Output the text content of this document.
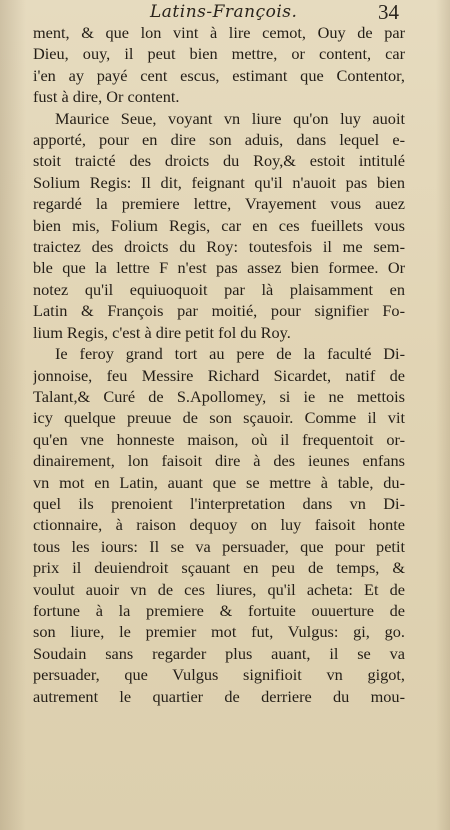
Latins-François.	34
ment, & que lon vint à lire cemot, Ouy de par
Dieu, ouy, il peut bien mettre, or content, car
i'en ay payé cent escus, estimant que Contentor,
fust à dire, Or content.
Maurice Seue, voyant vn liure qu'on luy auoit
apporté, pour en dire son aduis, dans lequel e-
stoit traicté des droicts du Roy,& estoit intitulé
Solium Regis: Il dit, feignant qu'il n'auoit pas bien
regardé la premiere lettre, Vrayement vous auez
bien mis, Folium Regis, car en ces fueillets vous
traictez des droicts du Roy: toutesfois il me sem-
ble que la lettre F n'est pas assez bien formee. Or
notez qu'il equiuoquoit par là plaisamment en
Latin & François par moitié, pour signifier Fo-
lium Regis, c'est à dire petit fol du Roy.
Ie feroy grand tort au pere de la faculté Di-
jonnoise, feu Messire Richard Sicardet, natif de
Talant,& Curé de S.Apollomey, si ie ne mettois
icy quelque preuue de son sçauoir. Comme il vit
qu'en vne honneste maison, où il frequentoit or-
dinairement, lon faisoit dire à des ieunes enfans
vn mot en Latin, auant que se mettre à table, du-
quel ils prenoient l'interpretation dans vn Di-
ctionnaire, à raison dequoy on luy faisoit honte
tous les iours: Il se va persuader, que pour petit
prix il deuiendroit sçauant en peu de temps, &
voulut auoir vn de ces liures, qu'il acheta: Et de
fortune à la premiere & fortuite ouuerture de
son liure, le premier mot fut, Vulgus: gi, go.
Soudain sans regarder plus auant, il se va
persuader, que Vulgus signifioit vn gigot,
autrement le quartier de derriere du mou-
